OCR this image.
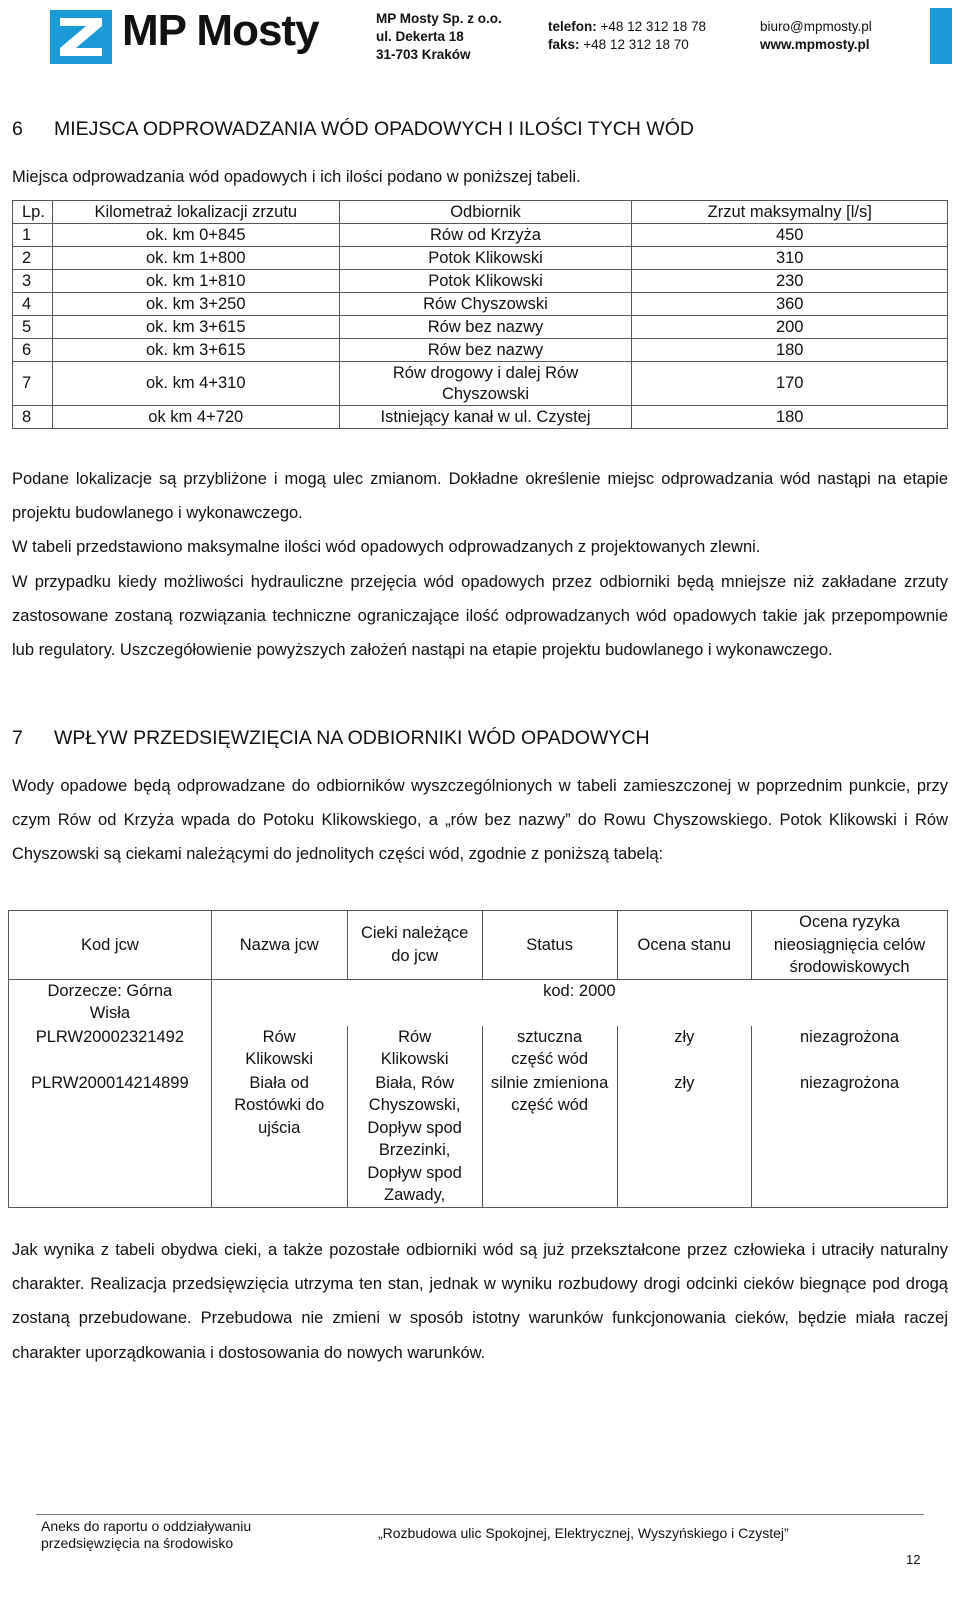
MP Mosty	MP Mosty Sp. z o.o.
ul. Dekerta 18
31-703 Kraków
telefon: +48 12 312 18 78
faks: +48 12 312 18 70
biuro@mpmosty.pl
www.mpmosty.pl
6 MIEJSCA ODPROWADZANIA WÓD OPADOWYCH I ILOŚCI TYCH WÓD

Miejsca odprowadzania wód opadowych i ich ilości podano w poniższej tabeli.

Lp.	Kilometraż lokalizacji zrzutu	Odbiornik	Zrzut maksymalny [l/s]
1	ok. km 0+845	Rów od Krzyża	450
2	ok. km 1+800	Potok Klikowski	310
3	ok. km 1+810	Potok Klikowski	230
4	ok. km 3+250	Rów Chyszowski	360
5	ok. km 3+615	Rów bez nazwy	200
6	ok. km 3+615	Rów bez nazwy	180
7	ok. km 4+310	Rów drogowy i dalej Rów Chyszowski	170
8	ok km 4+720	Istniejący kanał w ul. Czystej	180

Podane lokalizacje są przybliżone i mogą ulec zmianom. Dokładne określenie miejsc odprowadzania wód nastąpi na etapie projektu budowlanego i wykonawczego.

W tabeli przedstawiono maksymalne ilości wód opadowych odprowadzanych z projektowanych zlewni.

W przypadku kiedy możliwości hydrauliczne przejęcia wód opadowych przez odbiorniki będą mniejsze niż zakładane zrzuty zastosowane zostaną rozwiązania techniczne ograniczające ilość odprowadzanych wód opadowych takie jak przepompownie lub regulatory. Uszczegółowienie powyższych założeń nastąpi na etapie projektu budowlanego i wykonawczego.

7 WPŁYW PRZEDSIĘWZIĘCIA NA ODBIORNIKI WÓD OPADOWYCH

Wody opadowe będą odprowadzane do odbiorników wyszczególnionych w tabeli zamieszczonej w poprzednim punkcie, przy czym Rów od Krzyża wpada do Potoku Klikowskiego, a „rów bez nazwy” do Rowu Chyszowskiego. Potok Klikowski i Rów Chyszowski są ciekami należącymi do jednolitych części wód, zgodnie z poniższą tabelą:

Kod jcw	Nazwa jcw	Cieki należące do jcw	Status	Ocena stanu	Ocena ryzyka nieosiągnięcia celów środowiskowych

Dorzecze: Górna Wisła	kod: 2000				
PLRW20002321492	Rów Klikowski	Rów Klikowski	sztuczna część wód	zły	niezagrożona
PLRW200014214899	Biała od Rostówki do ujścia	Biała, Rów Chyszowski, Dopływ spod Brzezinki, Dopływ spod Zawady,	silnie zmieniona część wód	zły	niezagrożona

Jak wynika z tabeli obydwa cieki, a także pozostałe odbiorniki wód są już przekształcone przez człowieka i utraciły naturalny charakter. Realizacja przedsięwzięcia utrzyma ten stan, jednak w wyniku rozbudowy drogi odcinki cieków biegnące pod drogą zostaną przebudowane. Przebudowa nie zmieni w sposób istotny warunków funkcjonowania cieków, będzie miała raczej charakter uporządkowania i dostosowania do nowych warunków.

Aneks do raportu o oddziaływaniu
przedsięwzięcia na środowisko
„Rozbudowa ulic Spokojnej, Elektrycznej, Wyszyńskiego i Czystej”
12
